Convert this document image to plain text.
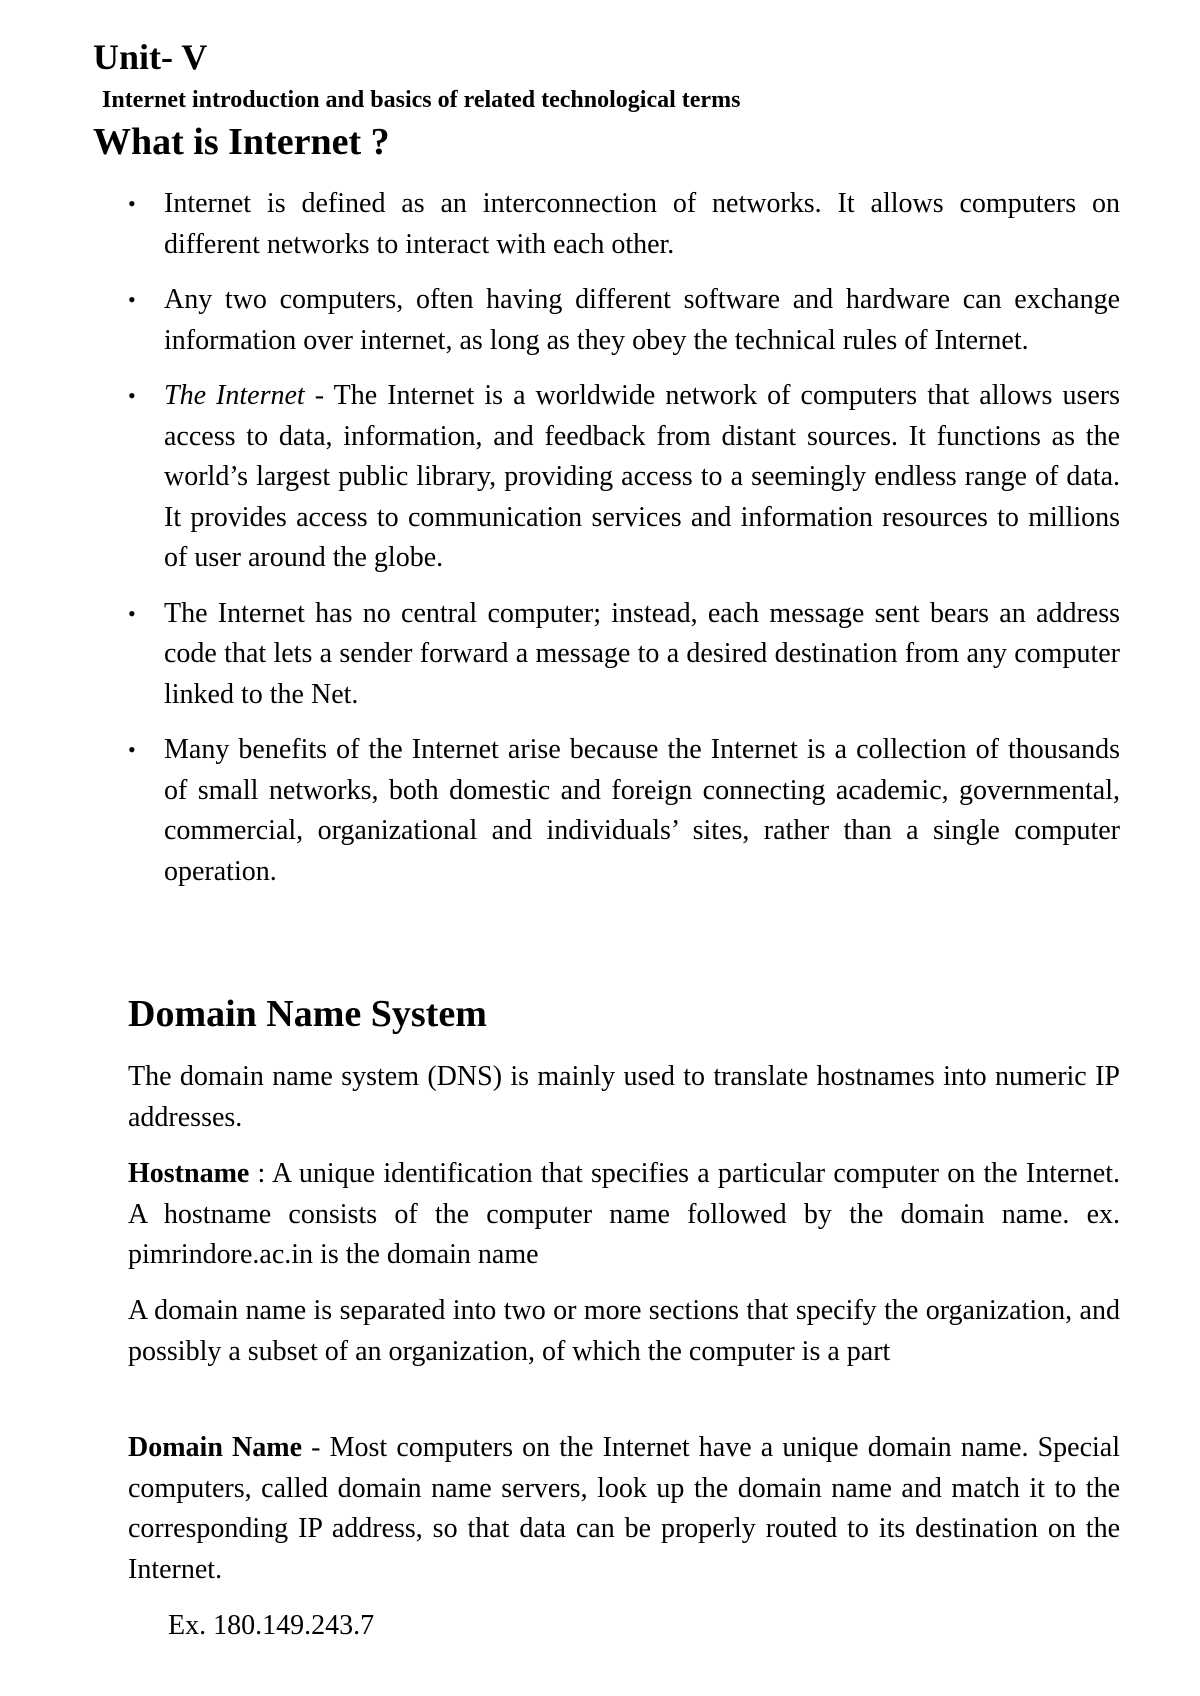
Unit- V
Internet introduction and basics of related technological terms
What is Internet ?
• Internet is defined as an interconnection of networks. It allows computers on different networks to interact with each other.
• Any two computers, often having different software and hardware can exchange information over internet, as long as they obey the technical rules of Internet.
• The Internet - The Internet is a worldwide network of computers that allows users access to data, information, and feedback from distant sources. It functions as the world’s largest public library, providing access to a seemingly endless range of data. It provides access to communication services and information resources to millions of user around the globe.
• The Internet has no central computer; instead, each message sent bears an address code that lets a sender forward a message to a desired destination from any computer linked to the Net.
• Many benefits of the Internet arise because the Internet is a collection of thousands of small networks, both domestic and foreign connecting academic, governmental, commercial, organizational and individuals’ sites, rather than a single computer operation.
Domain Name System

The domain name system (DNS) is mainly used to translate hostnames into numeric IP addresses.

Hostname : A unique identification that specifies a particular computer on the Internet. A hostname consists of the computer name followed by the domain name. ex. pimrindore.ac.in is the domain name

A domain name is separated into two or more sections that specify the organization, and possibly a subset of an organization, of which the computer is a part

Domain Name - Most computers on the Internet have a unique domain name. Special computers, called domain name servers, look up the domain name and match it to the corresponding IP address, so that data can be properly routed to its destination on the Internet.

Ex. 180.149.243.7
